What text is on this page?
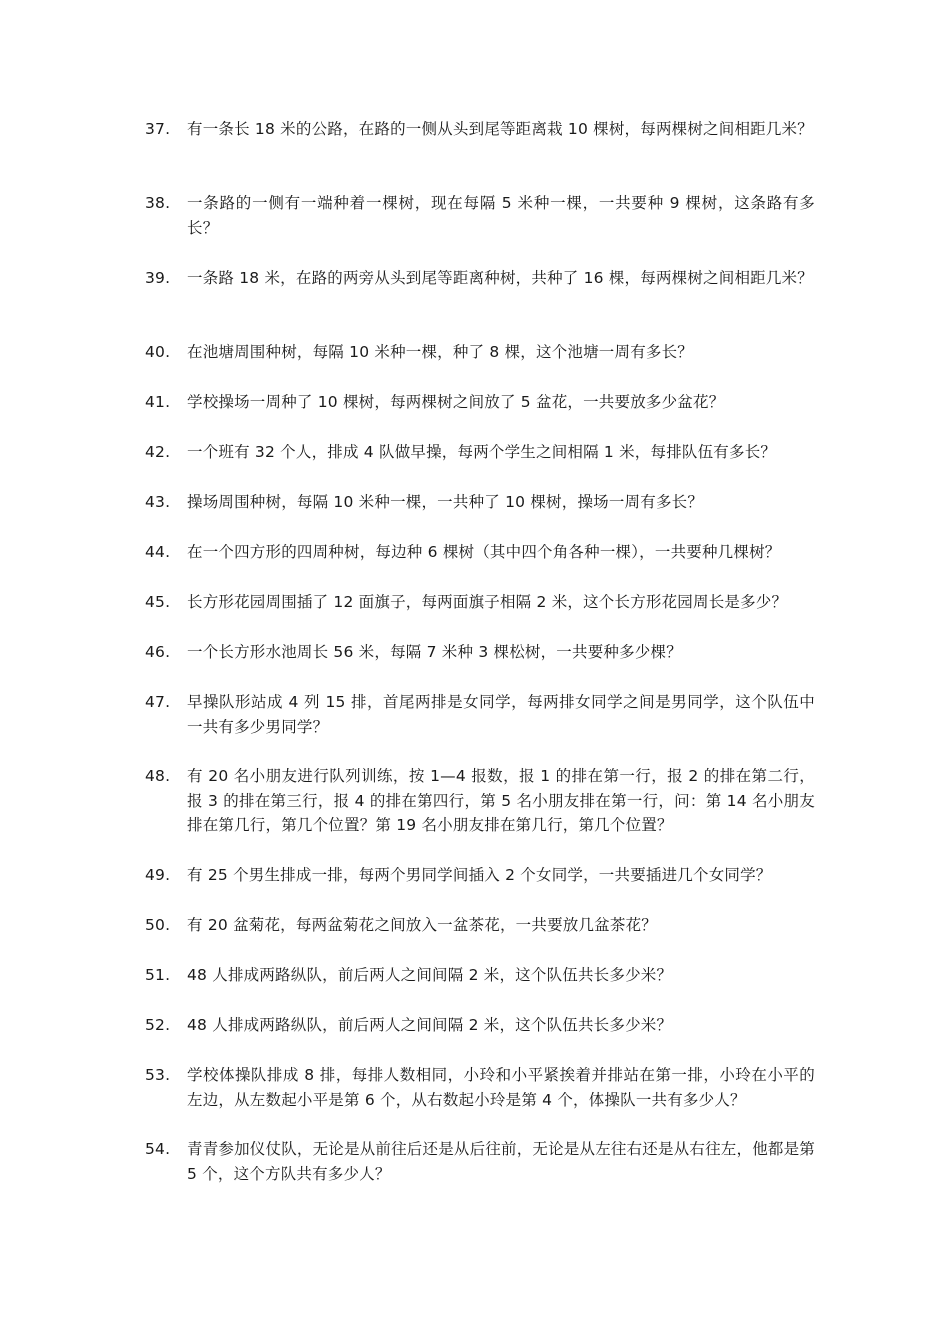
37.	有一条长 18 米的公路，在路的一侧从头到尾等距离栽 10 棵树，每两棵树之间相距几米？
38.	一条路的一侧有一端种着一棵树，现在每隔 5 米种一棵，一共要种 9 棵树，这条路有多长？
39.	一条路 18 米，在路的两旁从头到尾等距离种树，共种了 16 棵，每两棵树之间相距几米？
40.	在池塘周围种树，每隔 10 米种一棵，种了 8 棵，这个池塘一周有多长？
41.	学校操场一周种了 10 棵树，每两棵树之间放了 5 盆花，一共要放多少盆花？
42.	一个班有 32 个人，排成 4 队做早操，每两个学生之间相隔 1 米，每排队伍有多长？
43.	操场周围种树，每隔 10 米种一棵，一共种了 10 棵树，操场一周有多长？
44.	在一个四方形的四周种树，每边种 6 棵树（其中四个角各种一棵），一共要种几棵树？
45.	长方形花园周围插了 12 面旗子，每两面旗子相隔 2 米，这个长方形花园周长是多少？
46.	一个长方形水池周长 56 米，每隔 7 米种 3 棵松树，一共要种多少棵？
47.	早操队形站成 4 列 15 排，首尾两排是女同学，每两排女同学之间是男同学，这个队伍中一共有多少男同学？
48.	有 20 名小朋友进行队列训练，按 1—4 报数，报 1 的排在第一行，报 2 的排在第二行，报 3 的排在第三行，报 4 的排在第四行，第 5 名小朋友排在第一行，问：第 14 名小朋友排在第几行，第几个位置？第 19 名小朋友排在第几行，第几个位置？
49.	有 25 个男生排成一排，每两个男同学间插入 2 个女同学，一共要插进几个女同学？
50.	有 20 盆菊花，每两盆菊花之间放入一盆茶花，一共要放几盆茶花？
51.	48 人排成两路纵队，前后两人之间间隔 2 米，这个队伍共长多少米？
52.	48 人排成两路纵队，前后两人之间间隔 2 米，这个队伍共长多少米？
53.	学校体操队排成 8 排，每排人数相同，小玲和小平紧挨着并排站在第一排，小玲在小平的左边，从左数起小平是第 6 个，从右数起小玲是第 4 个，体操队一共有多少人？
54.	青青参加仪仗队，无论是从前往后还是从后往前，无论是从左往右还是从右往左，他都是第 5 个，这个方队共有多少人？
